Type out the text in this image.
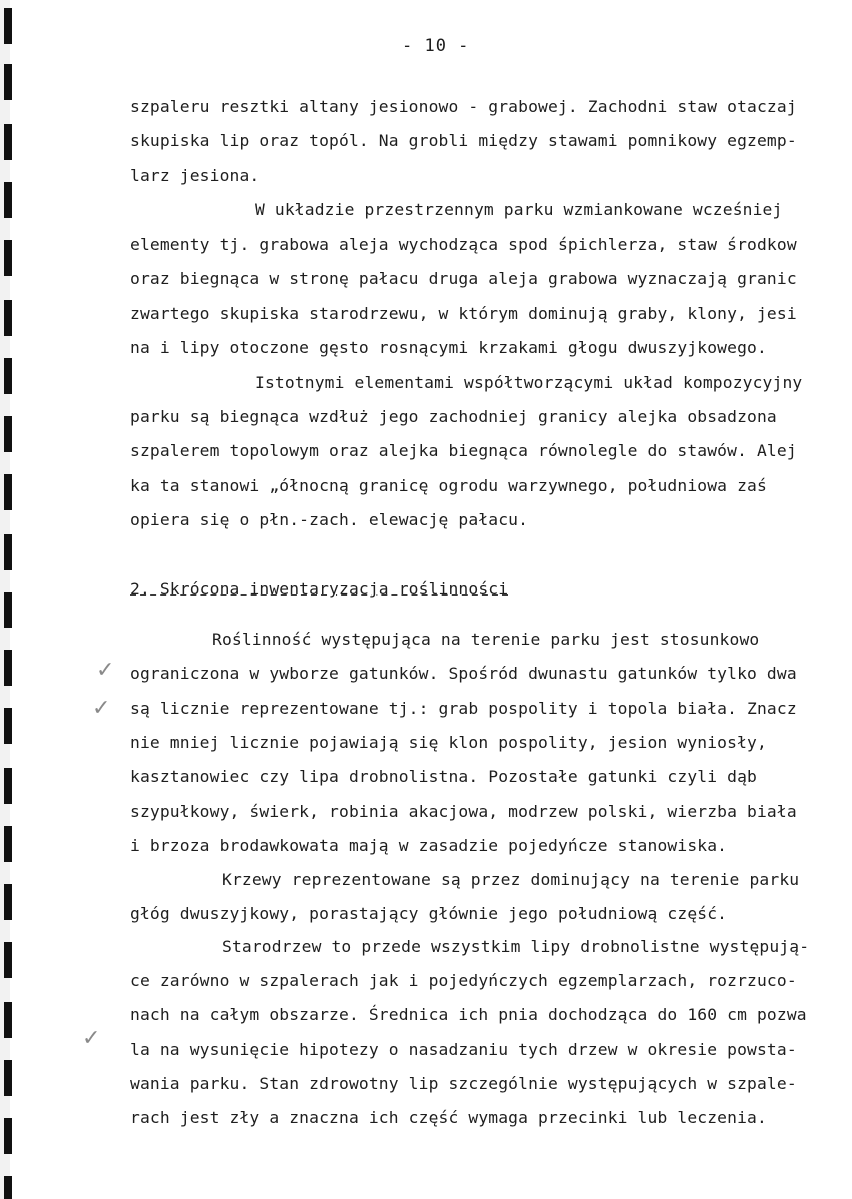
- 10 -
szpaleru resztki altany jesionowo - grabowej. Zachodni staw otaczaj
skupiska lip oraz topól. Na grobli między stawami pomnikowy egzemp-
larz jesiona.
W układzie przestrzennym parku wzmiankowane wcześniej
elementy tj. grabowa aleja wychodząca spod śpichlerza, staw środkow
oraz biegnąca w stronę pałacu druga aleja grabowa wyznaczają granic
zwartego skupiska starodrzewu, w którym dominują graby, klony, jesi
na i lipy otoczone gęsto rosnącymi krzakami głogu dwuszyjkowego.
Istotnymi elementami współtworzącymi układ kompozycyjny
parku są biegnąca wzdłuż jego zachodniej granicy alejka obsadzona
szpalerem topolowym oraz alejka biegnąca równolegle do stawów. Alej
ka ta stanowi „ółnocną granicę ogrodu warzywnego, południowa zaś
opiera się o płn.-zach. elewację pałacu.
2. Skrócona inwentaryzacja roślinności
Roślinność występująca na terenie parku jest stosunkowo
ograniczona w ywborze gatunków. Spośród dwunastu gatunków tylko dwa
są licznie reprezentowane tj.: grab pospolity i topola biała. Znacz
nie mniej licznie pojawiają się klon pospolity, jesion wyniosły,
kasztanowiec czy lipa drobnolistna. Pozostałe gatunki czyli dąb
szypułkowy, świerk, robinia akacjowa, modrzew polski, wierzba biała
i brzoza brodawkowata mają w zasadzie pojedyńcze stanowiska.
Krzewy reprezentowane są przez dominujący na terenie parku
głóg dwuszyjkowy, porastający głównie jego południową część.
Starodrzew to przede wszystkim lipy drobnolistne występują-
ce zarówno w szpalerach jak i pojedyńczych egzemplarzach, rozrzuco-
nach na całym obszarze. Średnica ich pnia dochodząca do 160 cm pozwa
la na wysunięcie hipotezy o nasadzaniu tych drzew w okresie powsta-
wania parku. Stan zdrowotny lip szczególnie występujących w szpale-
rach jest zły a znaczna ich część wymaga przecinki lub leczenia.
✓
✓
✓
